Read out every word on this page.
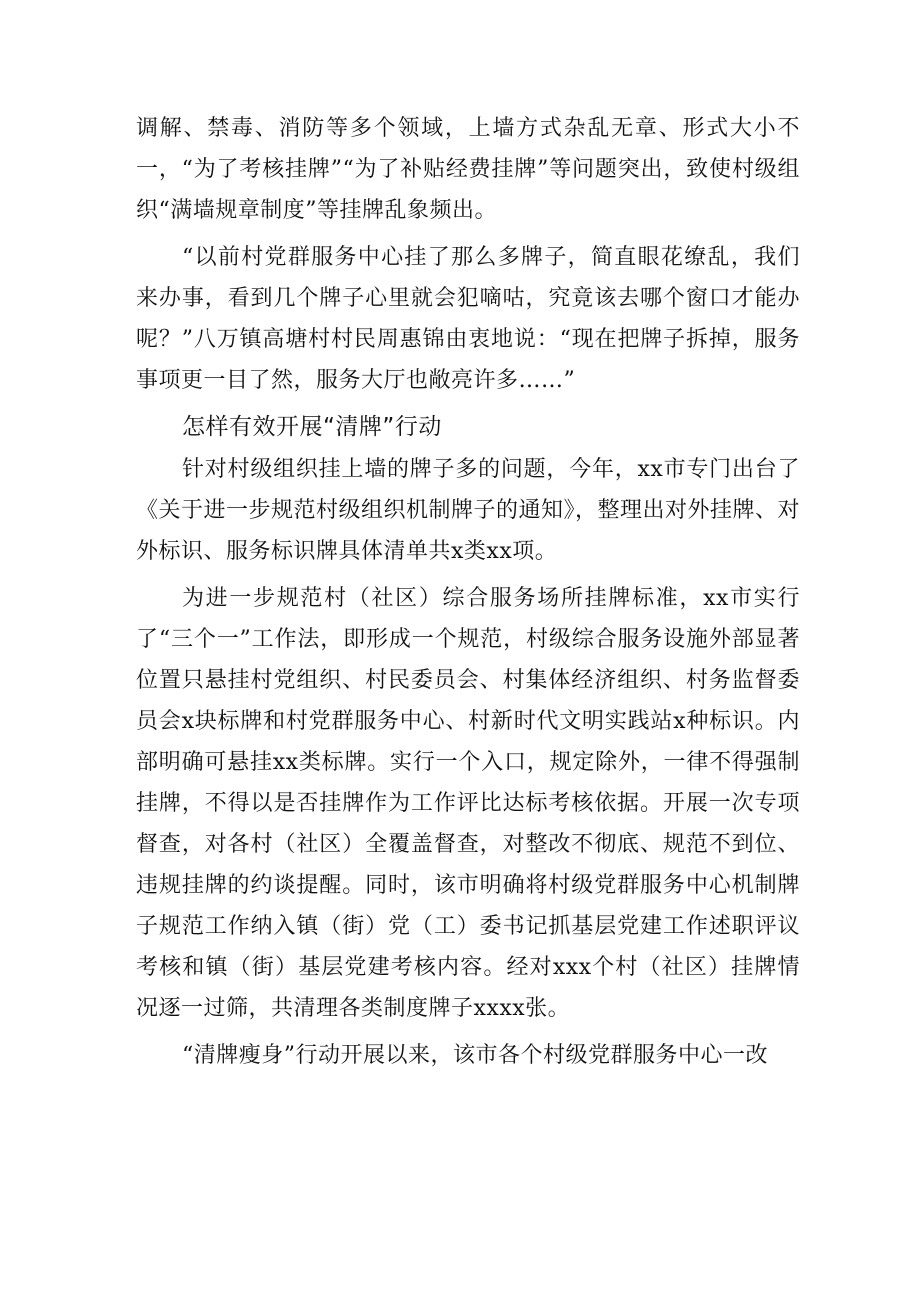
调解、禁毒、消防等多个领域，上墙方式杂乱无章、形式大小不一，“为了考核挂牌”“为了补贴经费挂牌”等问题突出，致使村级组织“满墙规章制度”等挂牌乱象频出。

“以前村党群服务中心挂了那么多牌子，简直眼花缭乱，我们来办事，看到几个牌子心里就会犯嘀咕，究竟该去哪个窗口才能办呢？”八万镇高塘村村民周惠锦由衷地说：“现在把牌子拆掉，服务事项更一目了然，服务大厅也敞亮许多……”

怎样有效开展“清牌”行动

针对村级组织挂上墙的牌子多的问题，今年，xx市专门出台了《关于进一步规范村级组织机制牌子的通知》，整理出对外挂牌、对外标识、服务标识牌具体清单共x类xx项。

为进一步规范村（社区）综合服务场所挂牌标准，xx市实行了“三个一”工作法，即形成一个规范，村级综合服务设施外部显著位置只悬挂村党组织、村民委员会、村集体经济组织、村务监督委员会x块标牌和村党群服务中心、村新时代文明实践站x种标识。内部明确可悬挂xx类标牌。实行一个入口，规定除外，一律不得强制挂牌，不得以是否挂牌作为工作评比达标考核依据。开展一次专项督查，对各村（社区）全覆盖督查，对整改不彻底、规范不到位、违规挂牌的约谈提醒。同时，该市明确将村级党群服务中心机制牌子规范工作纳入镇（街）党（工）委书记抓基层党建工作述职评议考核和镇（街）基层党建考核内容。经对xxx个村（社区）挂牌情况逐一过筛，共清理各类制度牌子xxxx张。

“清牌瘦身”行动开展以来，该市各个村级党群服务中心一改
